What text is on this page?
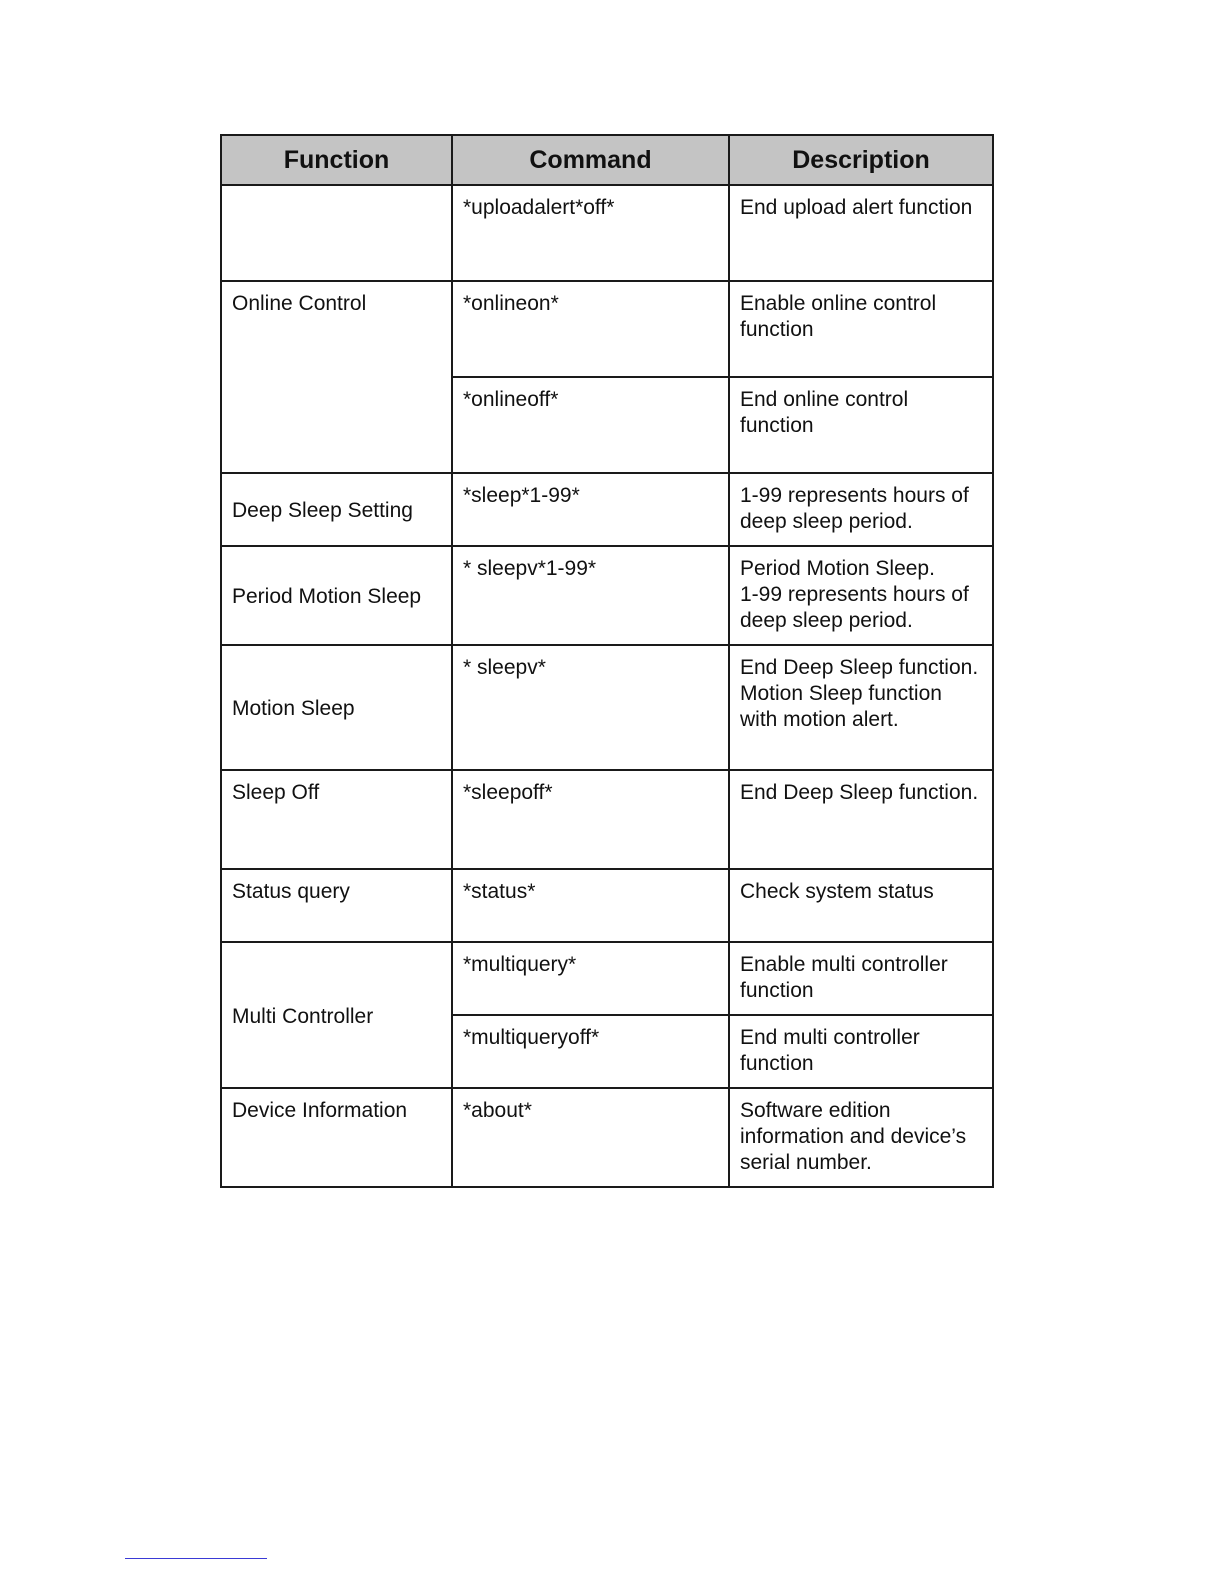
Function	Command	Description
	*uploadalert*off*	End upload alert function

Online Control	*onlineon*	Enable online control function

	*onlineoff*	End online control function

Deep Sleep Setting	*sleep*1-99*	1-99 represents hours of deep sleep period.

Period Motion Sleep	* sleepv*1-99*	Period Motion Sleep.
1-99 represents hours of deep sleep period.

Motion Sleep	* sleepv*	End Deep Sleep function.
Motion Sleep function with motion alert.

Sleep Off	*sleepoff*	End Deep Sleep function.

Status query	*status*	Check system status

Multi Controller	*multiquery*	Enable multi controller function

	*multiqueryoff*	End multi controller function

Device Information	*about*	Software edition information and device’s serial number.
